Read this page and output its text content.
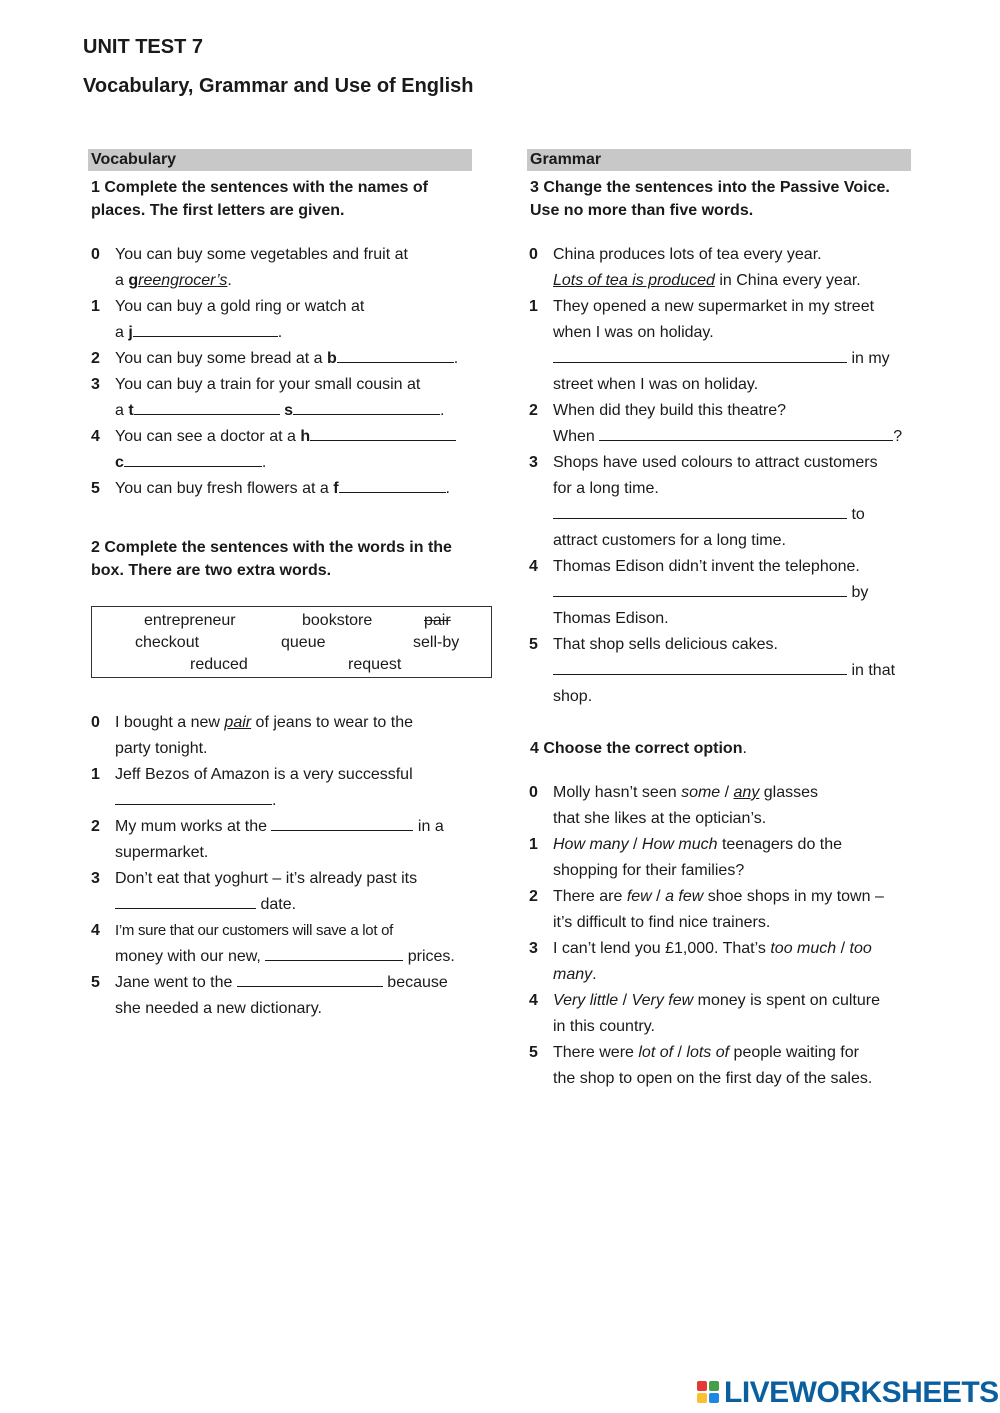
UNIT TEST 7
Vocabulary, Grammar and Use of English
Vocabulary
1 Complete the sentences with the names of
places. The first letters are given.
0 You can buy some vegetables and fruit at
a greengrocer’s.
1 You can buy a gold ring or watch at
a j	.
2 You can buy some bread at a b	.
3 You can buy a train for your small cousin at
a t	s	.
4 You can see a doctor at a h
c	.
5 You can buy fresh flowers at a f	.
2 Complete the sentences with the words in the
box. There are two extra words.
entrepreneur	bookstore	pair
checkout	queue	sell-by
reduced	request
0 I bought a new pair of jeans to wear to the
party tonight.
1 Jeff Bezos of Amazon is a very successful
.
2 My mum works at the	in a
supermarket.
3 Don’t eat that yoghurt – it’s already past its
date.
4	I’m sure that our customers will save a lot of
money with our new,	prices.
5 Jane went to the	because
she needed a new dictionary.
Grammar
3 Change the sentences into the Passive Voice.
Use no more than five words.
0 China produces lots of tea every year.
Lots of tea is produced in China every year.
1 They opened a new supermarket in my street
when I was on holiday.
in my
street when I was on holiday.
2 When did they build this theatre?
When	?
3 Shops have used colours to attract customers
for a long time.
to
attract customers for a long time.
4 Thomas Edison didn’t invent the telephone.
by
Thomas Edison.
5 That shop sells delicious cakes.
in that
shop.
4 Choose the correct option.
0 Molly hasn’t seen some / any glasses
that she likes at the optician’s.
1 How many / How much teenagers do the
shopping for their families?
2 There are few / a few shoe shops in my town –
it’s difficult to find nice trainers.
3 I can’t lend you £1,000. That’s too much / too
many.
4 Very little / Very few money is spent on culture
in this country.
5 There were lot of / lots of people waiting for
the shop to open on the first day of the sales.
LIVEWORKSHEETS
